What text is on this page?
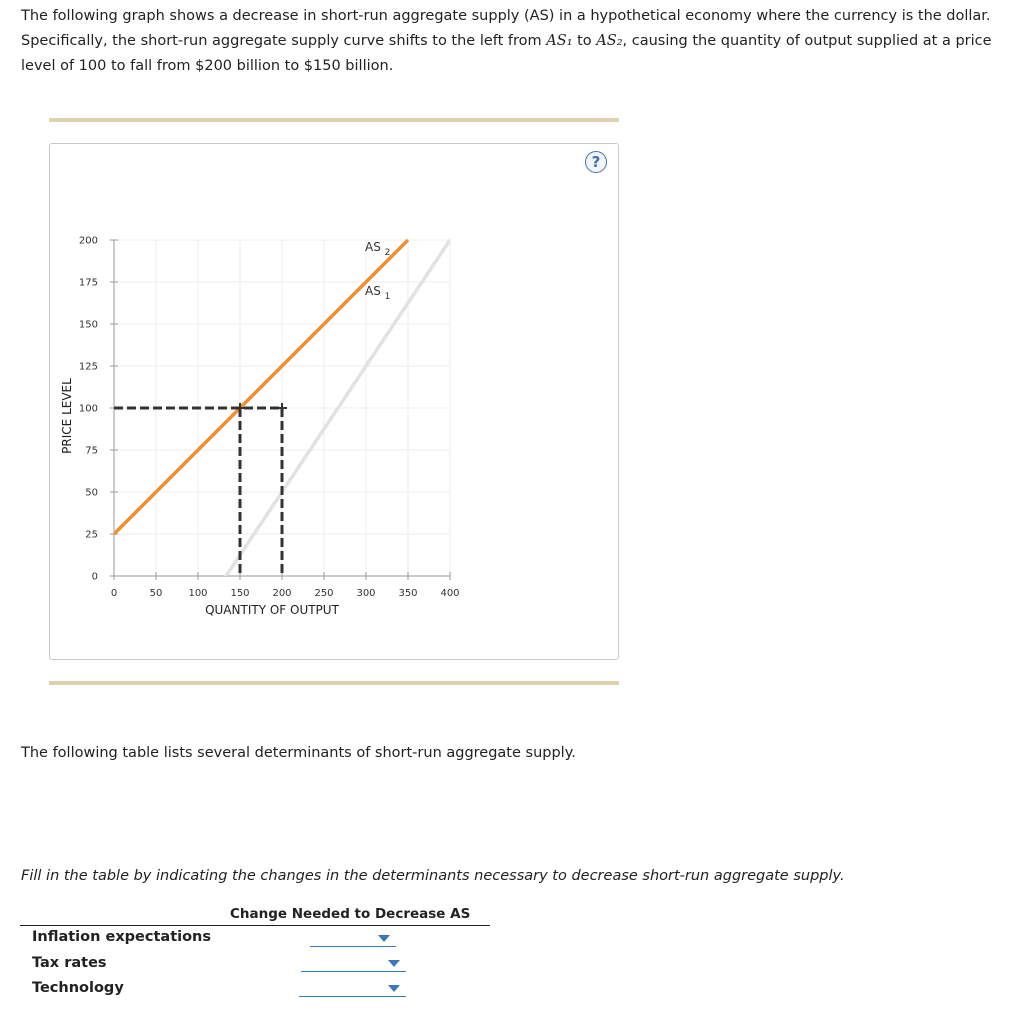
The following graph shows a decrease in short-run aggregate supply (AS) in a hypothetical economy where the currency is the dollar.
Specifically, the short-run aggregate supply curve shifts to the left from AS₁ to AS₂, causing the quantity of output supplied at a price
level of 100 to fall from $200 billion to $150 billion.
?
0	50	100 150 200 250 300 350 400
0
25
50
75
100
125
150
175
200
AS $_1$
AS $_2$
QUANTITY OF OUTPUT
PRICE LEVEL
The following table lists several determinants of short-run aggregate supply.
Fill in the table by indicating the changes in the determinants necessary to decrease short-run aggregate supply.
Change Needed to Decrease AS
Inflation expectations
Tax rates
Technology
